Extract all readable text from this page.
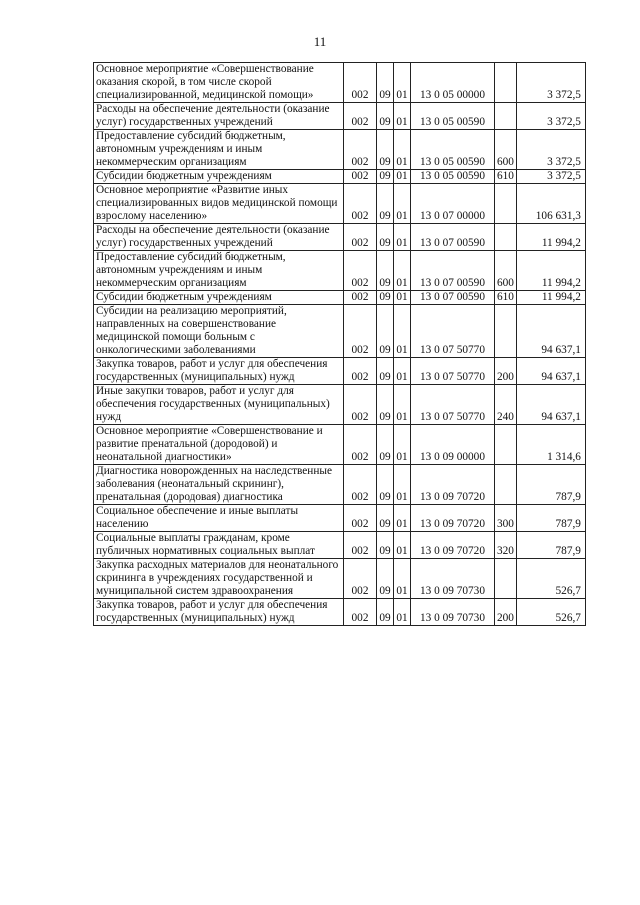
11
Основное мероприятие «Совершенствование оказания скорой, в том числе скорой специализированной, медицинской помощи»	002	09	01	13 0 05 00000		3 372,5
Расходы на обеспечение деятельности (оказание услуг) государственных учреждений	002	09	01	13 0 05 00590		3 372,5
Предоставление субсидий бюджетным, автономным учреждениям и иным некоммерческим организациям	002	09	01	13 0 05 00590	600	3 372,5
Субсидии бюджетным учреждениям	002	09	01	13 0 05 00590	610	3 372,5
Основное мероприятие «Развитие иных специализированных видов медицинской помощи взрослому населению»	002	09	01	13 0 07 00000		106 631,3
Расходы на обеспечение деятельности (оказание услуг) государственных учреждений	002	09	01	13 0 07 00590		11 994,2
Предоставление субсидий бюджетным, автономным учреждениям и иным некоммерческим организациям	002	09	01	13 0 07 00590	600	11 994,2
Субсидии бюджетным учреждениям	002	09	01	13 0 07 00590	610	11 994,2
Субсидии на реализацию мероприятий, направленных на совершенствование медицинской помощи больным с онкологическими заболеваниями	002	09	01	13 0 07 50770		94 637,1
Закупка товаров, работ и услуг для обеспечения государственных (муниципальных) нужд	002	09	01	13 0 07 50770	200	94 637,1
Иные закупки товаров, работ и услуг для обеспечения государственных (муниципальных) нужд	002	09	01	13 0 07 50770	240	94 637,1
Основное мероприятие «Совершенствование и развитие пренатальной (дородовой) и неонатальной диагностики»	002	09	01	13 0 09 00000		1 314,6
Диагностика новорожденных на наследственные заболевания (неонатальный скрининг), пренатальная (дородовая) диагностика	002	09	01	13 0 09 70720		787,9
Социальное обеспечение и иные выплаты населению	002	09	01	13 0 09 70720	300	787,9
Социальные выплаты гражданам, кроме публичных нормативных социальных выплат	002	09	01	13 0 09 70720	320	787,9
Закупка расходных материалов для неонатального скрининга в учреждениях государственной и муниципальной систем здравоохранения	002	09	01	13 0 09 70730		526,7
Закупка товаров, работ и услуг для обеспечения государственных (муниципальных) нужд	002	09	01	13 0 09 70730	200	526,7
